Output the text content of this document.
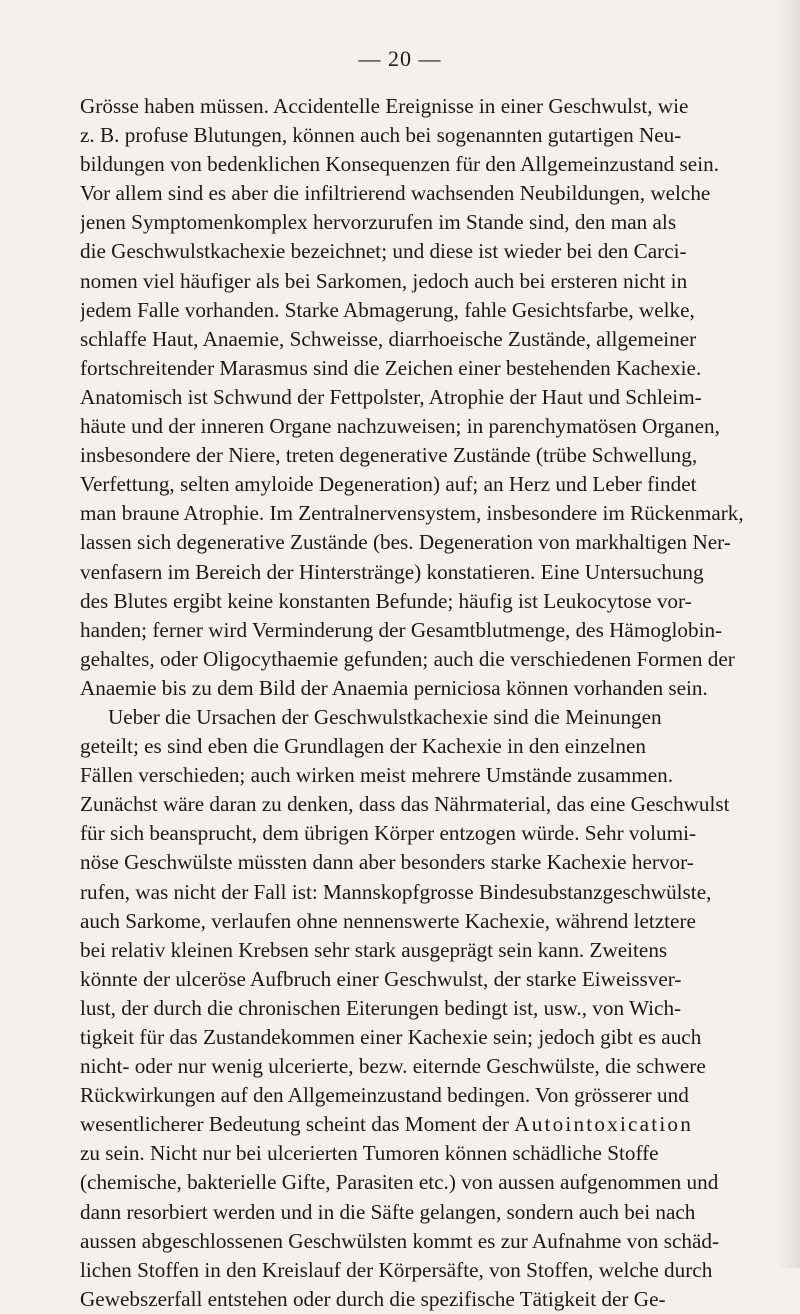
— 20 —
Grösse haben müssen. Accidentelle Ereignisse in einer Geschwulst, wie
z. B. profuse Blutungen, können auch bei sogenannten gutartigen Neu-
bildungen von bedenklichen Konsequenzen für den Allgemeinzustand sein.
Vor allem sind es aber die infiltrierend wachsenden Neubildungen, welche
jenen Symptomenkomplex hervorzurufen im Stande sind, den man als
die Geschwulstkachexie bezeichnet; und diese ist wieder bei den Carci-
nomen viel häufiger als bei Sarkomen, jedoch auch bei ersteren nicht in
jedem Falle vorhanden. Starke Abmagerung, fahle Gesichtsfarbe, welke,
schlaffe Haut, Anaemie, Schweisse, diarrhoeische Zustände, allgemeiner
fortschreitender Marasmus sind die Zeichen einer bestehenden Kachexie.
Anatomisch ist Schwund der Fettpolster, Atrophie der Haut und Schleim-
häute und der inneren Organe nachzuweisen; in parenchymatösen Organen,
insbesondere der Niere, treten degenerative Zustände (trübe Schwellung,
Verfettung, selten amyloide Degeneration) auf; an Herz und Leber findet
man braune Atrophie. Im Zentralnervensystem, insbesondere im Rückenmark,
lassen sich degenerative Zustände (bes. Degeneration von markhaltigen Ner-
venfasern im Bereich der Hinterstränge) konstatieren. Eine Untersuchung
des Blutes ergibt keine konstanten Befunde; häufig ist Leukocytose vor-
handen; ferner wird Verminderung der Gesamtblutmenge, des Hämoglobin-
gehaltes, oder Oligocythaemie gefunden; auch die verschiedenen Formen der
Anaemie bis zu dem Bild der Anaemia perniciosa können vorhanden sein.
Ueber die Ursachen der Geschwulstkachexie sind die Meinungen
geteilt; es sind eben die Grundlagen der Kachexie in den einzelnen
Fällen verschieden; auch wirken meist mehrere Umstände zusammen.
Zunächst wäre daran zu denken, dass das Nährmaterial, das eine Geschwulst
für sich beansprucht, dem übrigen Körper entzogen würde. Sehr volumi-
nöse Geschwülste müssten dann aber besonders starke Kachexie hervor-
rufen, was nicht der Fall ist: Mannskopfgrosse Bindesubstanzgeschwülste,
auch Sarkome, verlaufen ohne nennenswerte Kachexie, während letztere
bei relativ kleinen Krebsen sehr stark ausgeprägt sein kann. Zweitens
könnte der ulceröse Aufbruch einer Geschwulst, der starke Eiweissver-
lust, der durch die chronischen Eiterungen bedingt ist, usw., von Wich-
tigkeit für das Zustandekommen einer Kachexie sein; jedoch gibt es auch
nicht- oder nur wenig ulcerierte, bezw. eiternde Geschwülste, die schwere
Rückwirkungen auf den Allgemeinzustand bedingen. Von grösserer und
wesentlicherer Bedeutung scheint das Moment der Autointoxication
zu sein. Nicht nur bei ulcerierten Tumoren können schädliche Stoffe
(chemische, bakterielle Gifte, Parasiten etc.) von aussen aufgenommen und
dann resorbiert werden und in die Säfte gelangen, sondern auch bei nach
aussen abgeschlossenen Geschwülsten kommt es zur Aufnahme von schäd-
lichen Stoffen in den Kreislauf der Körpersäfte, von Stoffen, welche durch
Gewebszerfall entstehen oder durch die spezifische Tätigkeit der Ge-
